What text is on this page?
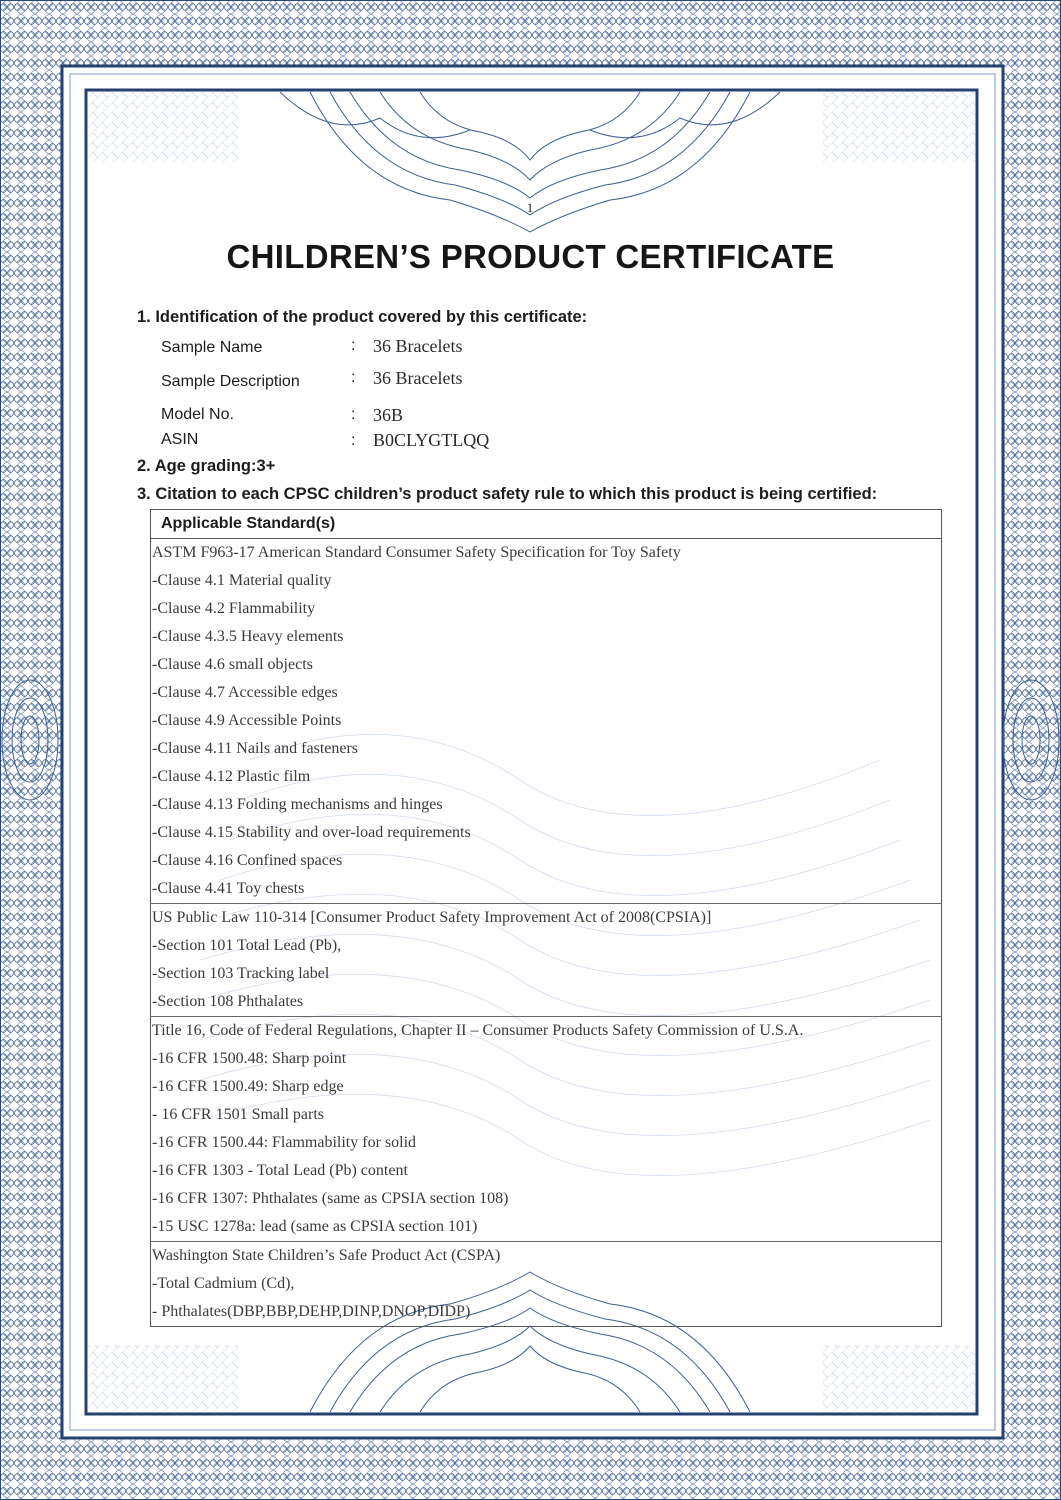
1
CHILDREN’S PRODUCT CERTIFICATE
1. Identification of the product covered by this certificate:
Sample Name	: 36 Bracelets
Sample Description	: 36 Bracelets
Model No.	: 36B
ASIN	: B0CLYGTLQQ
2. Age grading:3+
3. Citation to each CPSC children’s product safety rule to which this product is being certified:
Applicable Standard(s)

ASTM F963-17 American Standard Consumer Safety Specification for Toy Safety
-Clause 4.1 Material quality
-Clause 4.2 Flammability
-Clause 4.3.5 Heavy elements
-Clause 4.6 small objects
-Clause 4.7 Accessible edges
-Clause 4.9 Accessible Points
-Clause 4.11 Nails and fasteners
-Clause 4.12 Plastic film
-Clause 4.13 Folding mechanisms and hinges
-Clause 4.15 Stability and over-load requirements
-Clause 4.16 Confined spaces
-Clause 4.41 Toy chests

US Public Law 110-314 [Consumer Product Safety Improvement Act of 2008(CPSIA)]
-Section 101 Total Lead (Pb),
-Section 103 Tracking label
-Section 108 Phthalates

Title 16, Code of Federal Regulations, Chapter II – Consumer Products Safety Commission of U.S.A.
-16 CFR 1500.48: Sharp point
-16 CFR 1500.49: Sharp edge
- 16 CFR 1501 Small parts
-16 CFR 1500.44: Flammability for solid
-16 CFR 1303 - Total Lead (Pb) content
-16 CFR 1307: Phthalates (same as CPSIA section 108)
-15 USC 1278a: lead (same as CPSIA section 101)

Washington State Children’s Safe Product Act (CSPA)
-Total Cadmium (Cd),
- Phthalates(DBP,BBP,DEHP,DINP,DNOP,DIDP)
